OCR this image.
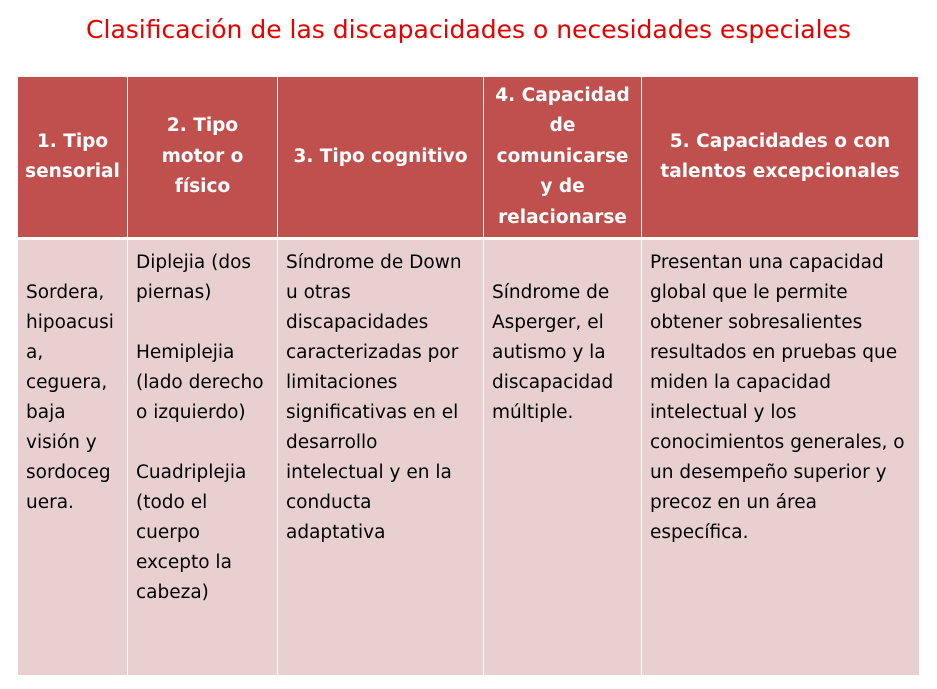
Clasificación de las discapacidades o necesidades especiales
1. Tipo sensorial
2. Tipo motor o físico
3. Tipo cognitivo
4. Capacidad de comunicarse y de relacionarse
5. Capacidades o con talentos excepcionales
Sordera, hipoacusia, ceguera, baja visión y sordoceguera.

Diplejia (dos piernas)

Hemiplejia (lado derecho o izquierdo)

Cuadriplejia (todo el cuerpo excepto la cabeza)

Síndrome de Down u otras discapacidades caracterizadas por limitaciones significativas en el desarrollo intelectual y en la conducta adaptativa
Síndrome de Asperger, el autismo y la discapacidad múltiple.
Presentan una capacidad global que le permite obtener sobresalientes resultados en pruebas que miden la capacidad intelectual y los conocimientos generales, o un desempeño superior y precoz en un área específica.
